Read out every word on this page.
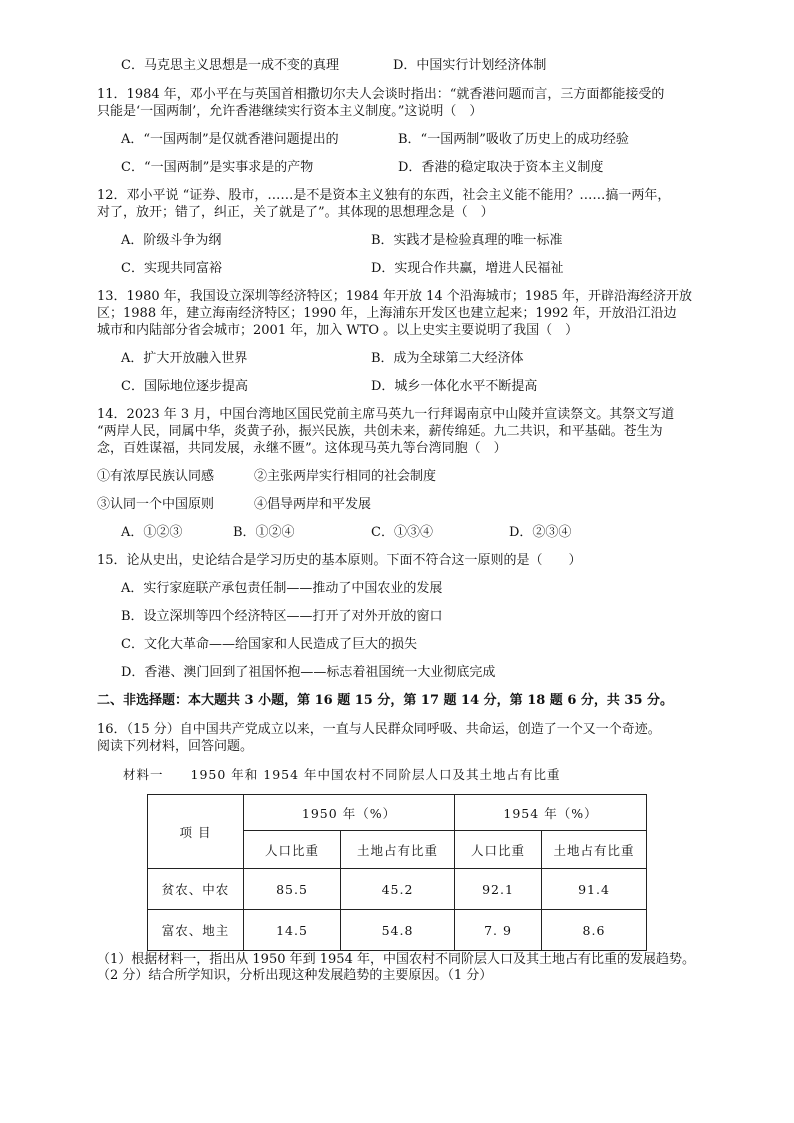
C．马克思主义思想是一成不变的真理	D．中国实行计划经济体制
11．1984 年，邓小平在与英国首相撒切尔夫人会谈时指出：“就香港问题而言，三方面都能接受的
只能是‘一国两制’，允许香港继续实行资本主义制度。”这说明（　）
A．“一国两制”是仅就香港问题提出的	B．“一国两制”吸收了历史上的成功经验
C．“一国两制”是实事求是的产物	D．香港的稳定取决于资本主义制度
12．邓小平说 “证券、股市，……是不是资本主义独有的东西，社会主义能不能用？……搞一两年，
对了，放开；错了，纠正，关了就是了”。其体现的思想理念是（　）
A．阶级斗争为纲	B．实践才是检验真理的唯一标准
C．实现共同富裕	D．实现合作共赢，增进人民福祉
13．1980 年，我国设立深圳等经济特区；1984 年开放 14 个沿海城市；1985 年，开辟沿海经济开放
区；1988 年，建立海南经济特区；1990 年，上海浦东开发区也建立起来；1992 年，开放沿江沿边
城市和内陆部分省会城市；2001 年，加入 WTO 。以上史实主要说明了我国（　）
A．扩大开放融入世界	B．成为全球第二大经济体
C．国际地位逐步提高	D．城乡一体化水平不断提高
14．2023 年 3 月，中国台湾地区国民党前主席马英九一行拜谒南京中山陵并宣读祭文。其祭文写道
“两岸人民，同属中华，炎黄子孙，振兴民族，共创未来，薪传绵延。九二共识，和平基础。苍生为
念，百姓谋福，共同发展，永继不匮”。这体现马英九等台湾同胞（　）
①有浓厚民族认同感	②主张两岸实行相同的社会制度
③认同一个中国原则	④倡导两岸和平发展
A．①②③	B．①②④	C．①③④	D．②③④
15．论从史出，史论结合是学习历史的基本原则。下面不符合这一原则的是（　　）
A．实行家庭联产承包责任制——推动了中国农业的发展
B．设立深圳等四个经济特区——打开了对外开放的窗口
C．文化大革命——给国家和人民造成了巨大的损失
D．香港、澳门回到了祖国怀抱——标志着祖国统一大业彻底完成
二、非选择题：本大题共 3 小题，第 16 题 15 分，第 17 题 14 分，第 18 题 6 分，共 35 分。
16．（15 分）自中国共产党成立以来，一直与人民群众同呼吸、共命运，创造了一个又一个奇迹。
阅读下列材料，回答问题。
材料一　　1950 年和 1954 年中国农村不同阶层人口及其土地占有比重
项 目	1950 年（%）		1954 年（%）	
	人口比重	土地占有比重	人口比重	土地占有比重
贫农、中农	85.5	45.2	92.1	91.4
富农、地主	14.5	54.8	7. 9	8.6
（1）根据材料一，指出从 1950 年到 1954 年，中国农村不同阶层人口及其土地占有比重的发展趋势。
（2 分）结合所学知识，分析出现这种发展趋势的主要原因。（1 分）
